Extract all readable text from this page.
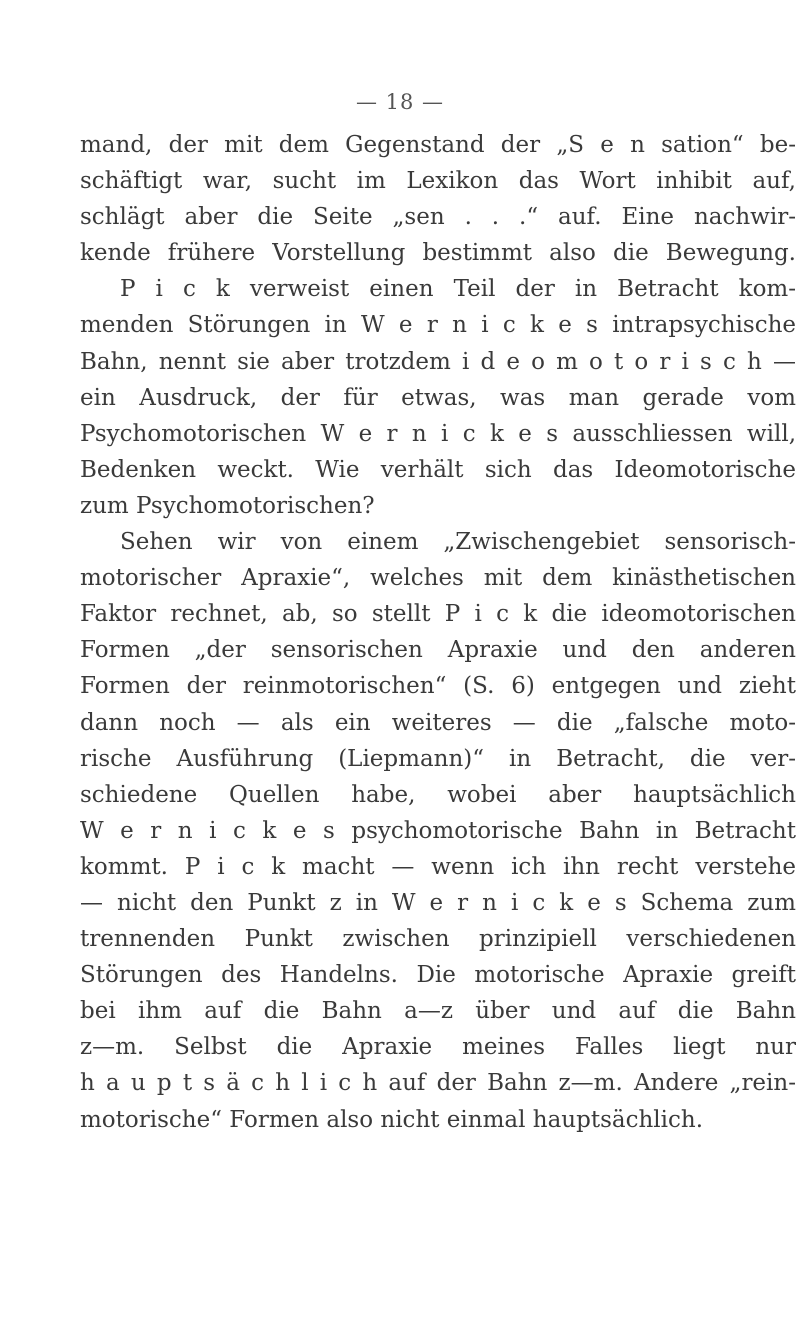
— 18 —
mand, der mit dem Gegenstand der „S e n sation“ be-
schäftigt war, sucht im Lexikon das Wort inhibit auf,
schlägt aber die Seite „sen . . .“ auf. Eine nachwir-
kende frühere Vorstellung bestimmt also die Bewegung.
P i c k verweist einen Teil der in Betracht kom-
menden Störungen in W e r n i c k e s intrapsychische
Bahn, nennt sie aber trotzdem i d e o m o t o r i s c h —
ein Ausdruck, der für etwas, was man gerade vom
Psychomotorischen W e r n i c k e s ausschliessen will,
Bedenken weckt. Wie verhält sich das Ideomotorische
zum Psychomotorischen?
Sehen wir von einem „Zwischengebiet sensorisch-
motorischer Apraxie“, welches mit dem kinästhetischen
Faktor rechnet, ab, so stellt P i c k die ideomotorischen
Formen „der sensorischen Apraxie und den anderen
Formen der reinmotorischen“ (S. 6) entgegen und zieht
dann noch — als ein weiteres — die „falsche moto-
rische Ausführung (Liepmann)“ in Betracht, die ver-
schiedene Quellen habe, wobei aber hauptsächlich
W e r n i c k e s psychomotorische Bahn in Betracht
kommt. P i c k macht — wenn ich ihn recht verstehe
— nicht den Punkt z in W e r n i c k e s Schema zum
trennenden Punkt zwischen prinzipiell verschiedenen
Störungen des Handelns. Die motorische Apraxie greift
bei ihm auf die Bahn a—z über und auf die Bahn
z—m. Selbst die Apraxie meines Falles liegt nur
h a u p t s ä c h l i c h auf der Bahn z—m. Andere „rein-
motorische“ Formen also nicht einmal hauptsächlich.
